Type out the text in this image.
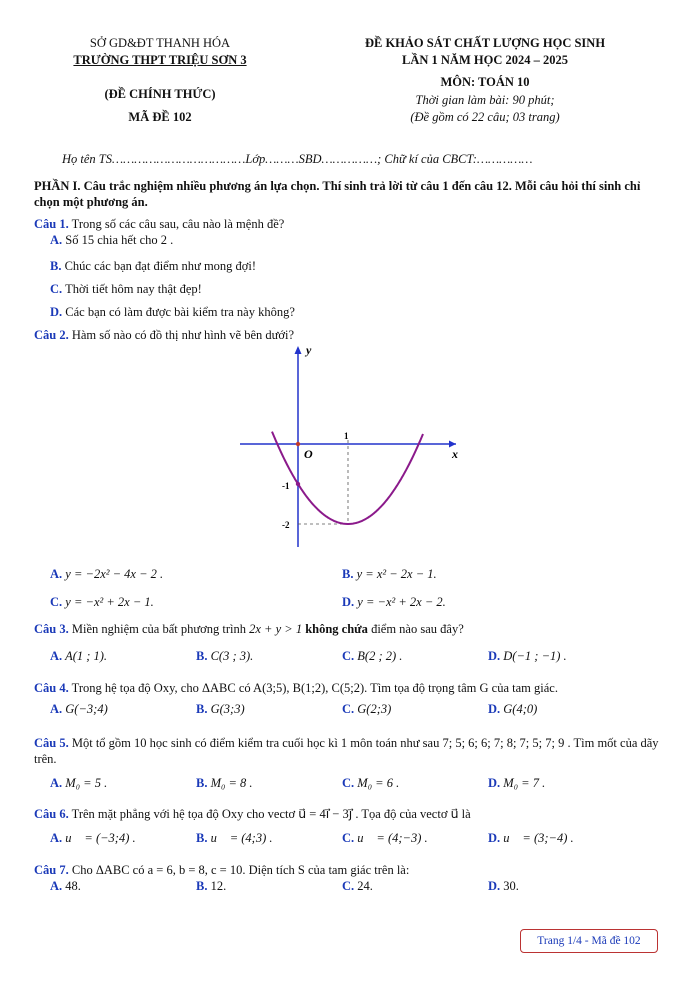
SỞ GD&ĐT THANH HÓA
TRƯỜNG THPT TRIỆU SƠN 3
(ĐỀ CHÍNH THỨC)
MÃ ĐỀ 102
ĐỀ KHẢO SÁT CHẤT LƯỢNG HỌC SINH
LẦN 1 NĂM HỌC 2024 – 2025
MÔN: TOÁN 10
Thời gian làm bài: 90 phút;
(Đề gồm có 22 câu; 03 trang)
Họ tên TS………………………………Lớp………SBD……………; Chữ kí của CBCT:……………
PHẦN I. Câu trắc nghiệm nhiều phương án lựa chọn. Thí sinh trả lời từ câu 1 đến câu 12. Mỗi câu hỏi thí sinh chỉ chọn một phương án.
Câu 1. Trong số các câu sau, câu nào là mệnh đề?
A. Số 15 chia hết cho 2 .
B. Chúc các bạn đạt điểm như mong đợi!
C. Thời tiết hôm nay thật đẹp!
D. Các bạn có làm được bài kiểm tra này không?
Câu 2. Hàm số nào có đồ thị như hình vẽ bên dưới?
y
x
O
1
-1
-2
A. y = −2x² − 4x − 2 .	B. y = x² − 2x − 1.
C. y = −x² + 2x − 1.	D. y = −x² + 2x − 2.
Câu 3. Miền nghiệm của bất phương trình 2x + y > 1 không chứa điểm nào sau đây?
A. A(1 ; 1).	B. C(3 ; 3).	C. B(2 ; 2) .	D. D(−1 ; −1) .
Câu 4. Trong hệ tọa độ Oxy, cho ΔABC có A(3;5), B(1;2), C(5;2). Tìm tọa độ trọng tâm G của tam giác.
A. G(−3;4)	B. G(3;3)	C. G(2;3)	D. G(4;0)
Câu 5. Một tổ gồm 10 học sinh có điểm kiểm tra cuối học kì 1 môn toán như sau 7; 5; 6; 6; 7; 8; 7; 5; 7; 9 . Tìm mốt của dãy trên.
A. M₀ = 5 .	B. M₀ = 8 .	C. M₀ = 6 .	D. M₀ = 7 .
Câu 6. Trên mặt phẳng với hệ tọa độ Oxy cho vectơ u⃗ = 4i⃗ − 3j⃗ . Tọa độ của vectơ u⃗ là
A. u⃗ = (−3;4) .	B. u⃗ = (4;3) .	C. u⃗ = (4;−3) .	D. u⃗ = (3;−4) .
Câu 7. Cho ΔABC có a = 6, b = 8, c = 10. Diện tích S của tam giác trên là:
A. 48.	B. 12.	C. 24.	D. 30.
Trang 1/4 - Mã đề 102
